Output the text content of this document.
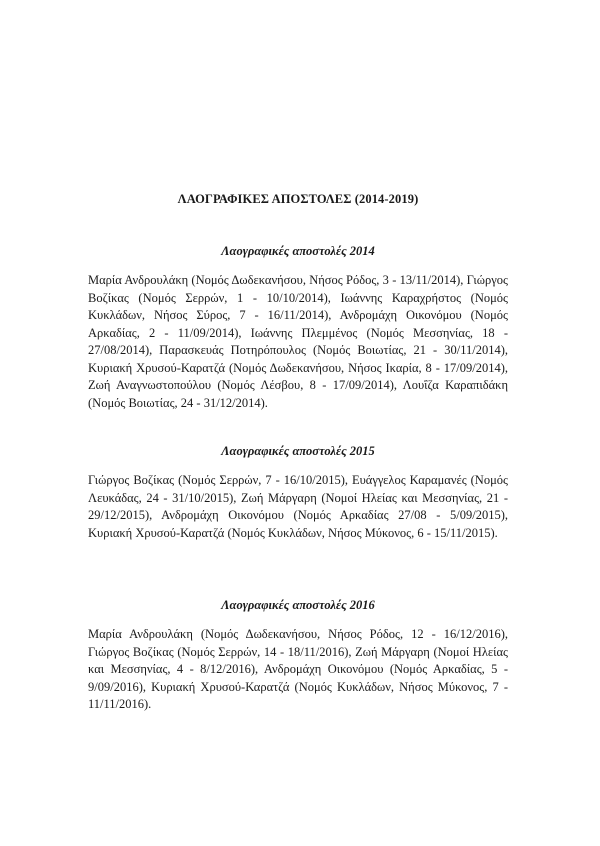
ΛΑΟΓΡΑΦΙΚΕΣ ΑΠΟΣΤΟΛΕΣ (2014-2019)
Λαογραφικές αποστολές 2014

Μαρία Ανδρουλάκη (Νομός Δωδεκανήσου, Νήσος Ρόδος, 3 - 13/11/2014), Γιώργος Βοζίκας (Νομός Σερρών, 1 - 10/10/2014), Ιωάννης Καραχρήστος (Νομός Κυκλάδων, Νήσος Σύρος, 7 - 16/11/2014), Ανδρομάχη Οικονόμου (Νομός Αρκαδίας, 2 - 11/09/2014), Ιωάννης Πλεμμένος (Νομός Μεσσηνίας, 18 - 27/08/2014), Παρασκευάς Ποτηρόπουλος (Νομός Βοιωτίας, 21 - 30/11/2014), Κυριακή Χρυσού-Καρατζά (Νομός Δωδεκανήσου, Νήσος Ικαρία, 8 - 17/09/2014), Ζωή Αναγνωστοπούλου (Νομός Λέσβου, 8 - 17/09/2014), Λουΐζα Καραπιδάκη (Νομός Βοιωτίας, 24 - 31/12/2014).

Λαογραφικές αποστολές 2015

Γιώργος Βοζίκας (Νομός Σερρών, 7 - 16/10/2015), Ευάγγελος Καραμανές (Νομός Λευκάδας, 24 - 31/10/2015), Ζωή Μάργαρη (Νομοί Ηλείας και Μεσσηνίας, 21 - 29/12/2015), Ανδρομάχη Οικονόμου (Νομός Αρκαδίας 27/08 - 5/09/2015), Κυριακή Χρυσού-Καρατζά (Νομός Κυκλάδων, Νήσος Μύκονος, 6 - 15/11/2015).

Λαογραφικές αποστολές 2016

Μαρία Ανδρουλάκη (Νομός Δωδεκανήσου, Νήσος Ρόδος, 12 - 16/12/2016), Γιώργος Βοζίκας (Νομός Σερρών, 14 - 18/11/2016), Ζωή Μάργαρη (Νομοί Ηλείας και Μεσσηνίας, 4 - 8/12/2016), Ανδρομάχη Οικονόμου (Νομός Αρκαδίας, 5 - 9/09/2016), Κυριακή Χρυσού-Καρατζά (Νομός Κυκλάδων, Νήσος Μύκονος, 7 - 11/11/2016).
